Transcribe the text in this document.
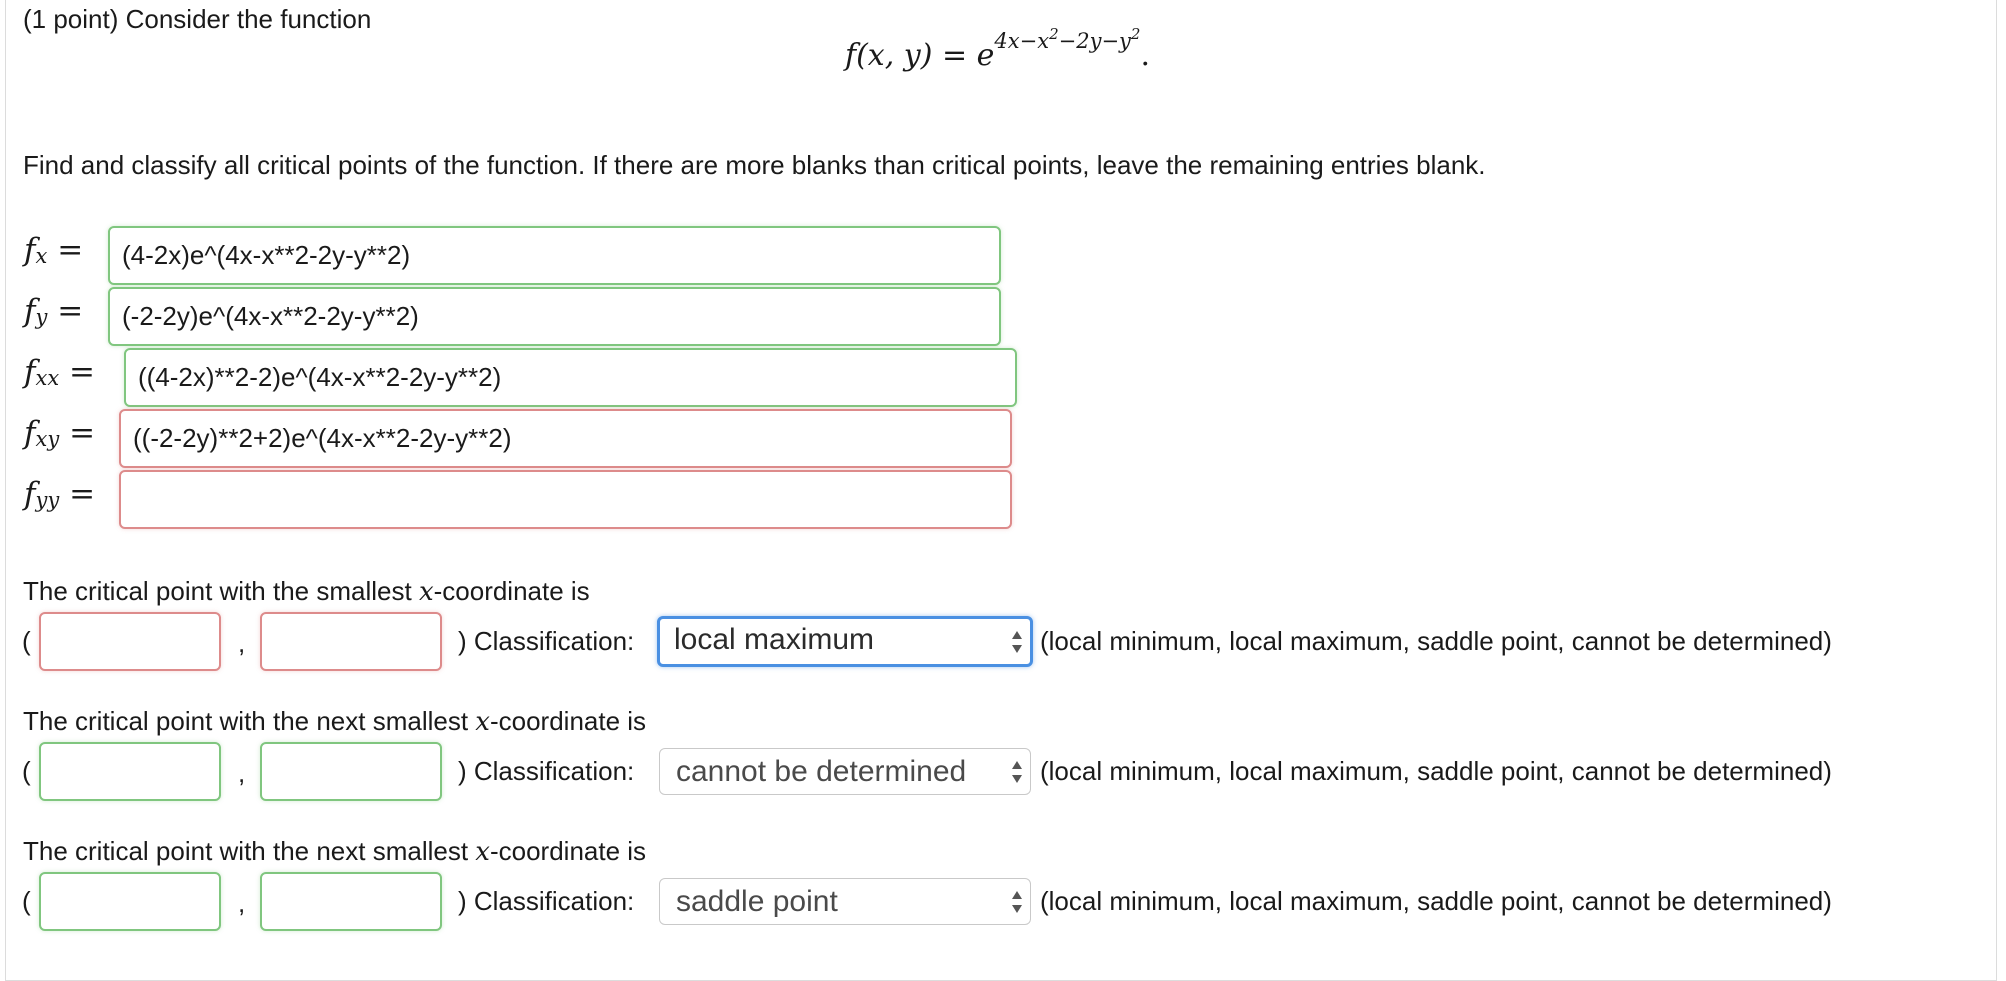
(1 point) Consider the function
f(x, $y) = e^{4x-x^2-2y-y^2}$.
Find and classify all critical points of the function. If there are more blanks than critical points, leave the remaining entries blank.
$f_x$ =
(4-2x)e^(4x-x**2-2y-y**2)
$f_y$ =
(-2-2y)e^(4x-x**2-2y-y**2)
$f_{xx}$ =
((4-2x)**2-2)e^(4x-x**2-2y-y**2)
$f_{xy}$ =
((-2-2y)**2+2)e^(4x-x**2-2y-y**2)
$f_{yy}$ =
The critical point with the smallest x-coordinate is
(	,	) Classification:	local maximum	(local minimum, local maximum, saddle point, cannot be determined)
The critical point with the next smallest x-coordinate is
(	,	) Classification:	cannot be determined	(local minimum, local maximum, saddle point, cannot be determined)
The critical point with the next smallest x-coordinate is
(	,	) Classification:	saddle point	(local minimum, local maximum, saddle point, cannot be determined)
